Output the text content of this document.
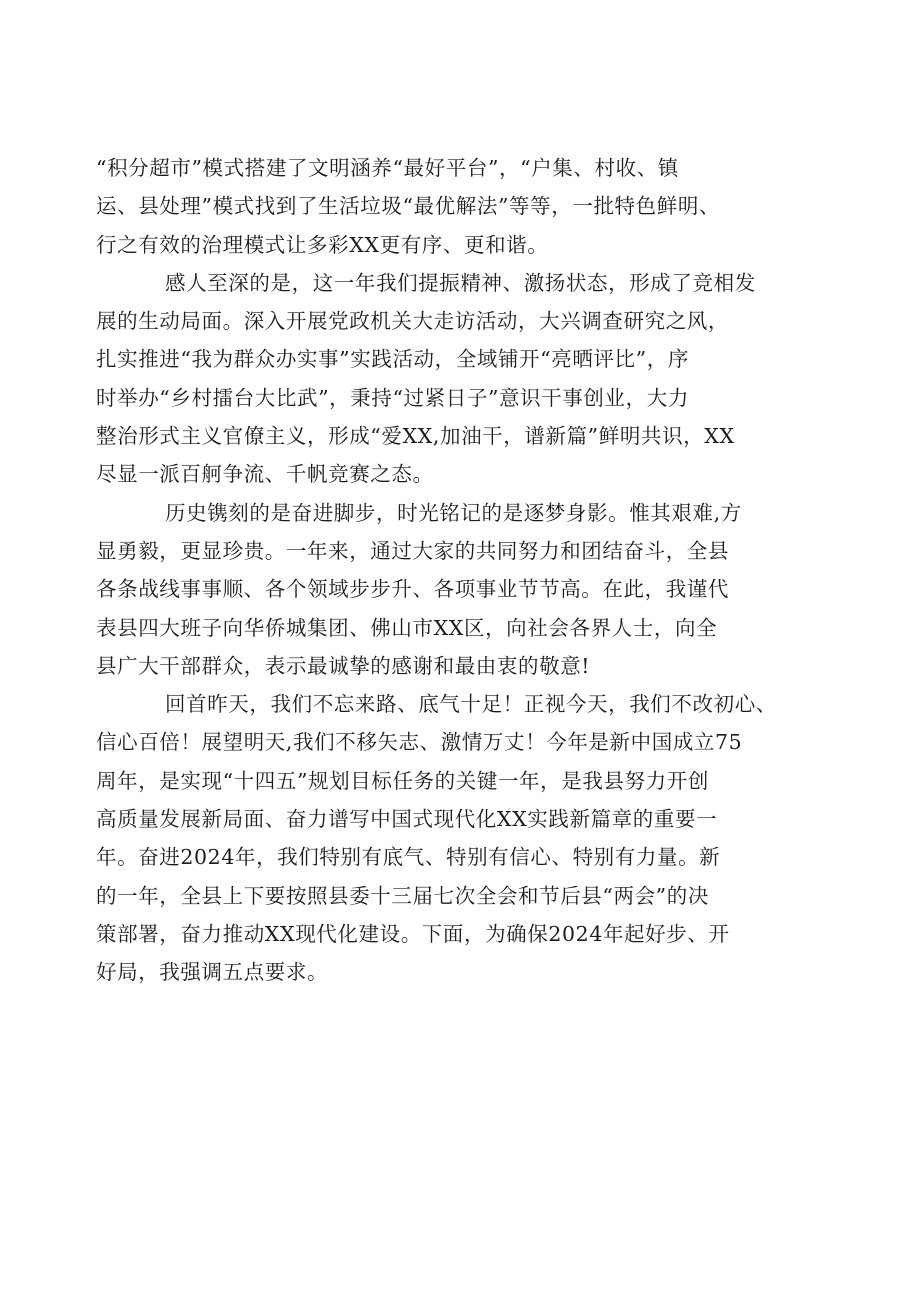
“积分超市”模式搭建了文明涵养“最好平台”，“户集、村收、镇
运、县处理”模式找到了生活垃圾“最优解法”等等，一批特色鲜明、
行之有效的治理模式让多彩XX更有序、更和谐。

感人至深的是，这一年我们提振精神、激扬状态，形成了竞相发
展的生动局面。深入开展党政机关大走访活动，大兴调查研究之风，
扎实推进“我为群众办实事”实践活动，全域铺开“亮晒评比”，序
时举办“乡村擂台大比武”，秉持“过紧日子”意识干事创业，大力
整治形式主义官僚主义，形成“爱XX,加油干，谱新篇”鲜明共识，XX
尽显一派百舸争流、千帆竞赛之态。

历史镌刻的是奋进脚步，时光铭记的是逐梦身影。惟其艰难,方
显勇毅，更显珍贵。一年来，通过大家的共同努力和团结奋斗，全县
各条战线事事顺、各个领域步步升、各项事业节节高。在此，我谨代
表县四大班子向华侨城集团、佛山市XX区，向社会各界人士，向全
县广大干部群众，表示最诚挚的感谢和最由衷的敬意!

回首昨天，我们不忘来路、底气十足！正视今天，我们不改初心、
信心百倍！展望明天,我们不移矢志、激情万丈！今年是新中国成立75
周年，是实现“十四五”规划目标任务的关键一年，是我县努力开创
高质量发展新局面、奋力谱写中国式现代化XX实践新篇章的重要一
年。奋进2024年，我们特别有底气、特别有信心、特别有力量。新
的一年，全县上下要按照县委十三届七次全会和节后县“两会”的决
策部署，奋力推动XX现代化建设。下面，为确保2024年起好步、开
好局，我强调五点要求。
